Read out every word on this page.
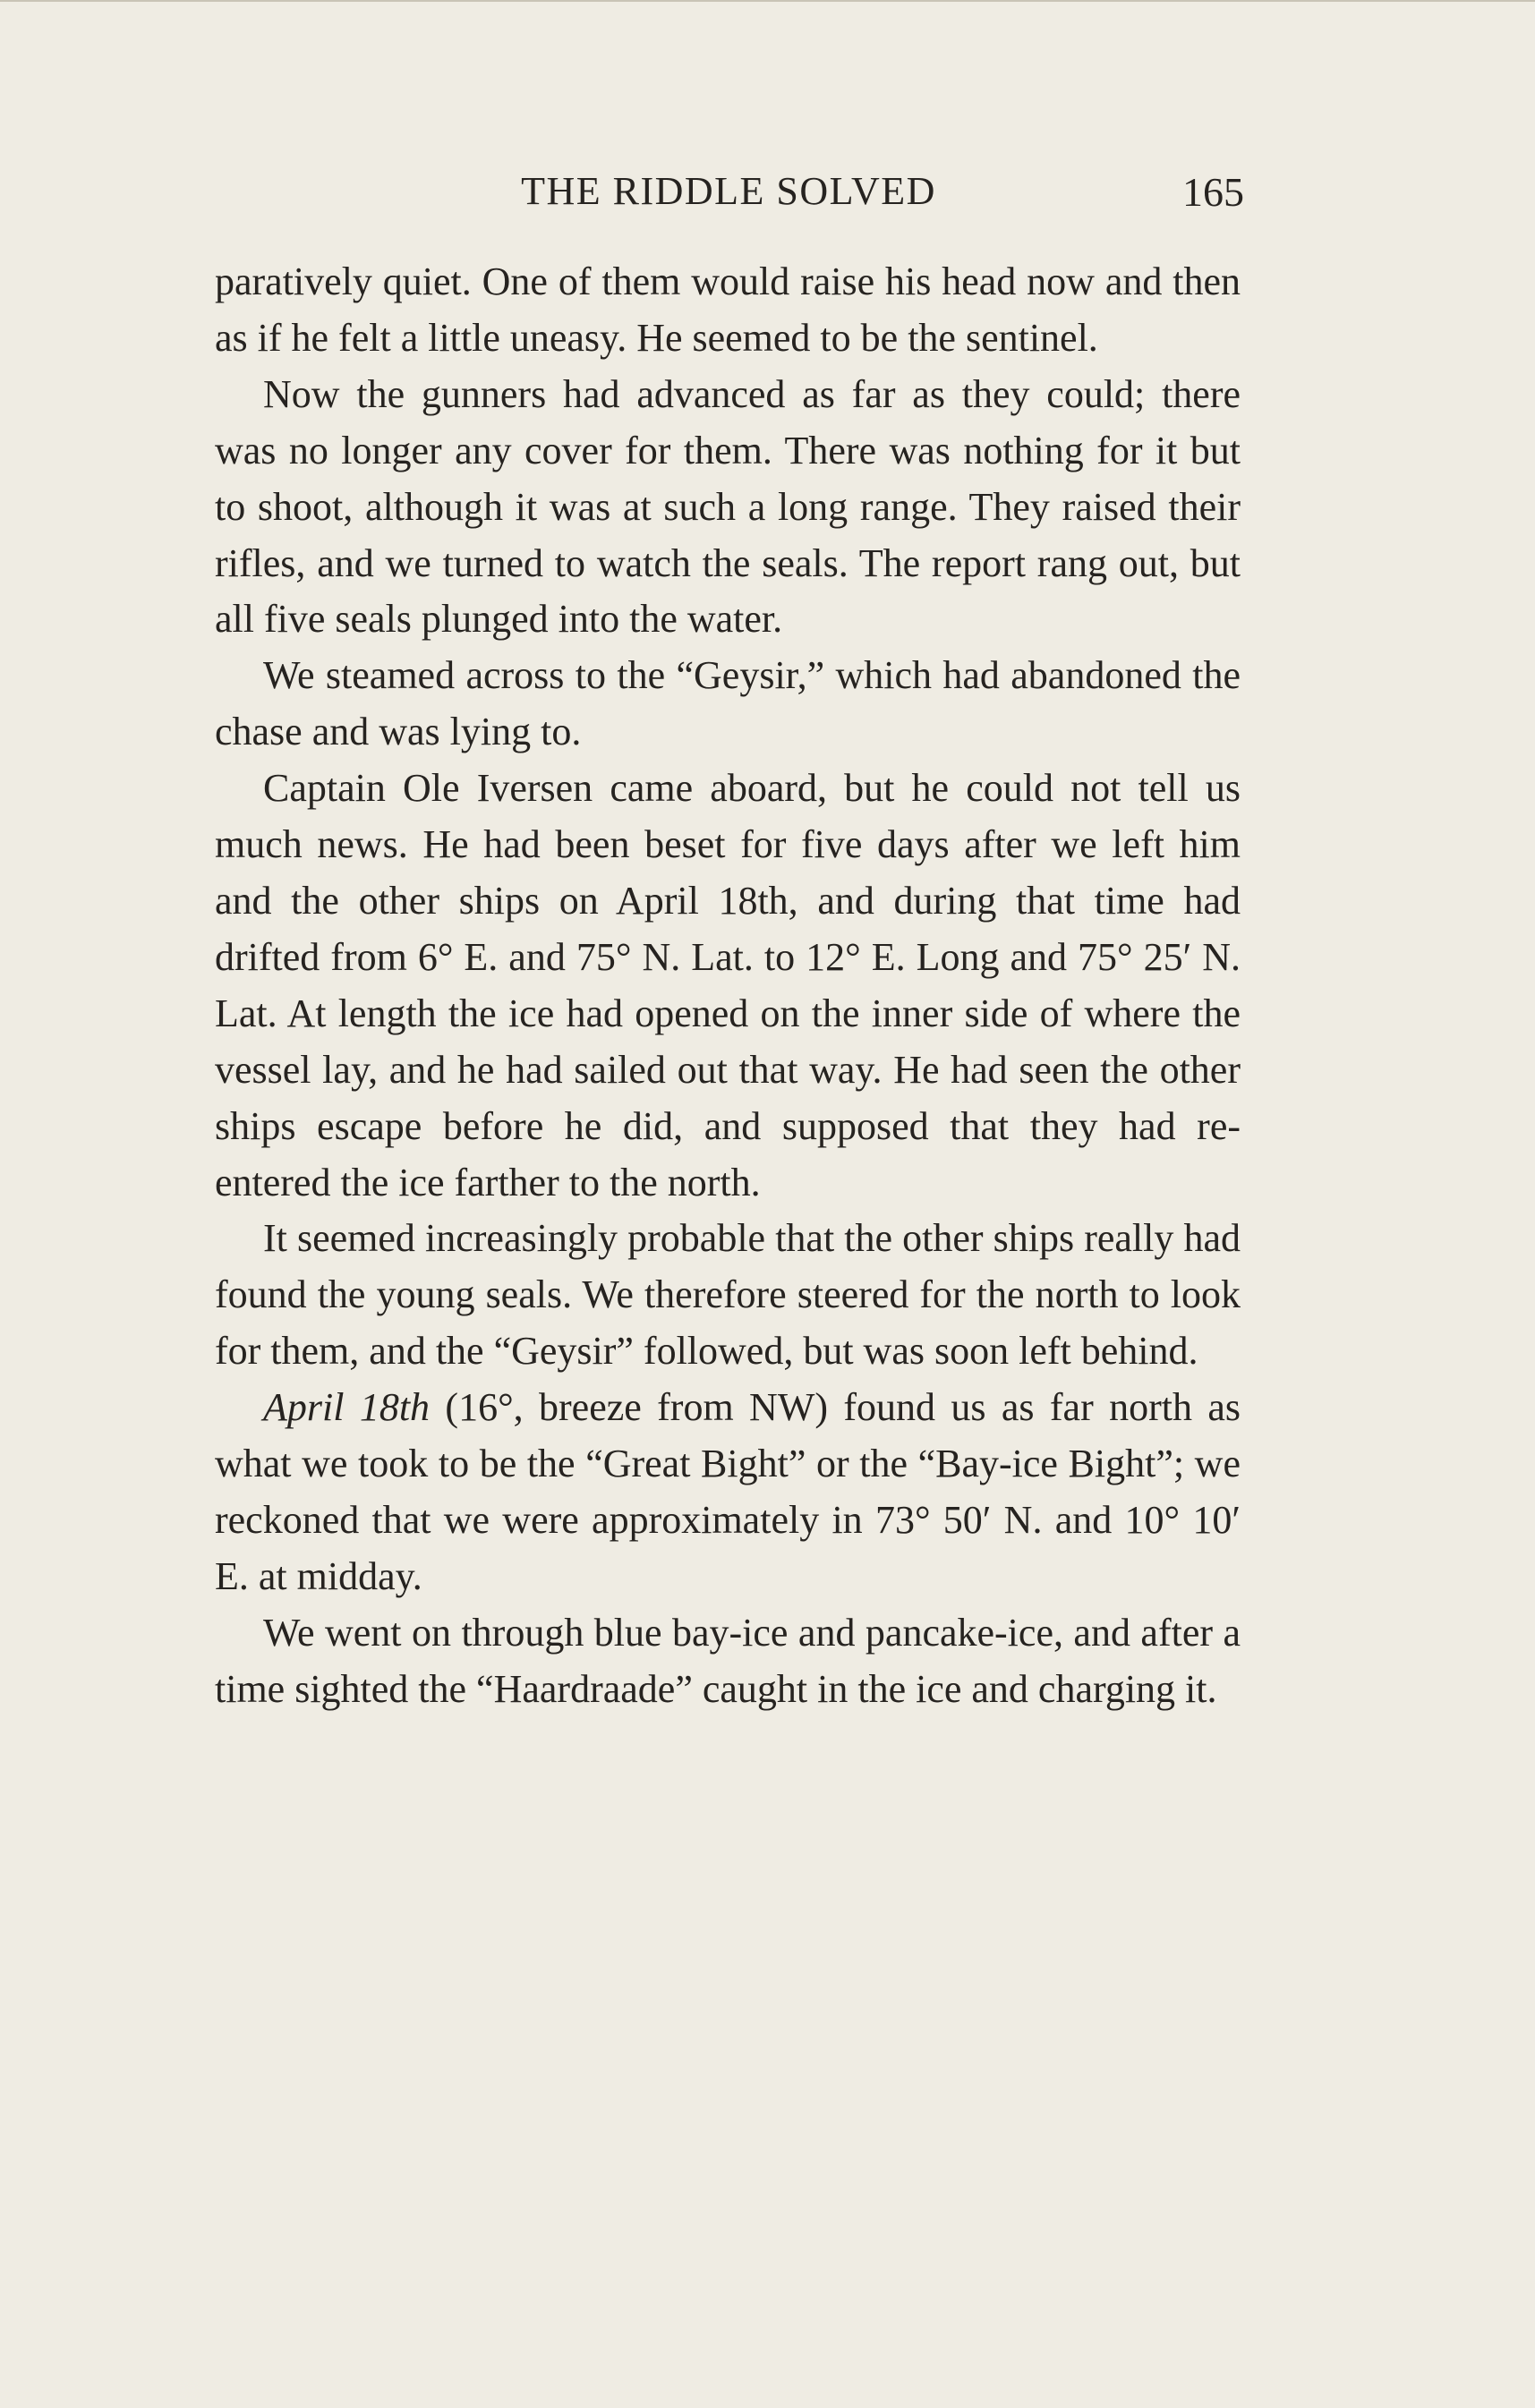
THE RIDDLE SOLVED	165

paratively quiet. One of them would raise his head now and then as if he felt a little uneasy. He seemed to be the sentinel.

Now the gunners had advanced as far as they could; there was no longer any cover for them. There was nothing for it but to shoot, although it was at such a long range. They raised their rifles, and we turned to watch the seals. The report rang out, but all five seals plunged into the water.

We steamed across to the “Geysir,” which had abandoned the chase and was lying to.

Captain Ole Iversen came aboard, but he could not tell us much news. He had been beset for five days after we left him and the other ships on April 18th, and during that time had drifted from 6° E. and 75° N. Lat. to 12° E. Long and 75° 25′ N. Lat. At length the ice had opened on the inner side of where the vessel lay, and he had sailed out that way. He had seen the other ships escape before he did, and supposed that they had re-entered the ice farther to the north.

It seemed increasingly probable that the other ships really had found the young seals. We therefore steered for the north to look for them, and the “Geysir” followed, but was soon left behind.

April 18th (16°, breeze from NW) found us as far north as what we took to be the “Great Bight” or the “Bay-ice Bight”; we reckoned that we were approximately in 73° 50′ N. and 10° 10′ E. at midday.

We went on through blue bay-ice and pancake-ice, and after a time sighted the “Haardraade” caught in the ice and charging it.
